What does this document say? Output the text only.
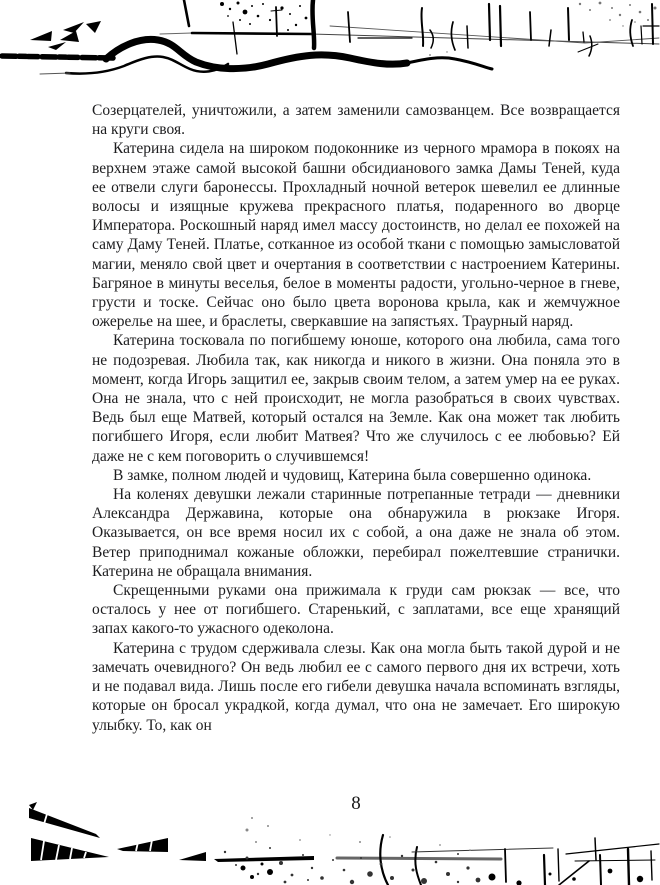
Созерцателей, уничтожили, а затем заменили самозванцем. Все возвращается на круги своя.

Катерина сидела на широком подоконнике из черного мрамора в покоях на верхнем этаже самой высокой башни обсидианового замка Дамы Теней, куда ее отвели слуги баронессы. Прохладный ночной ветерок шевелил ее длинные волосы и изящные кружева прекрасного платья, подаренного во дворце Императора. Роскошный наряд имел массу достоинств, но делал ее похожей на саму Даму Теней. Платье, сотканное из особой ткани с помощью замысловатой магии, меняло свой цвет и очертания в соответствии с настроением Катерины. Багряное в минуты веселья, белое в моменты радости, угольно-черное в гневе, грусти и тоске. Сейчас оно было цвета воронова крыла, как и жемчужное ожерелье на шее, и браслеты, сверкавшие на запястьях. Траурный наряд.

Катерина тосковала по погибшему юноше, которого она любила, сама того не подозревая. Любила так, как никогда и никого в жизни. Она поняла это в момент, когда Игорь защитил ее, закрыв своим телом, а затем умер на ее руках. Она не знала, что с ней происходит, не могла разобраться в своих чувствах. Ведь был еще Матвей, который остался на Земле. Как она может так любить погибшего Игоря, если любит Матвея? Что же случилось с ее любовью? Ей даже не с кем поговорить о случившемся!

В замке, полном людей и чудовищ, Катерина была совершенно одинока.

На коленях девушки лежали старинные потрепанные тетради — дневники Александра Державина, которые она обнаружила в рюкзаке Игоря. Оказывается, он все время носил их с собой, а она даже не знала об этом. Ветер приподнимал кожаные обложки, перебирал пожелтевшие странички. Катерина не обращала внимания.

Скрещенными руками она прижимала к груди сам рюкзак — все, что осталось у нее от погибшего. Старенький, с заплатами, все еще хранящий запах какого-то ужасного одеколона.

Катерина с трудом сдерживала слезы. Как она могла быть такой дурой и не замечать очевидного? Он ведь любил ее с самого первого дня их встречи, хоть и не подавал вида. Лишь после его гибели девушка начала вспоминать взгляды, которые он бросал украдкой, когда думал, что она не замечает. Его широкую улыбку. То, как он

8
